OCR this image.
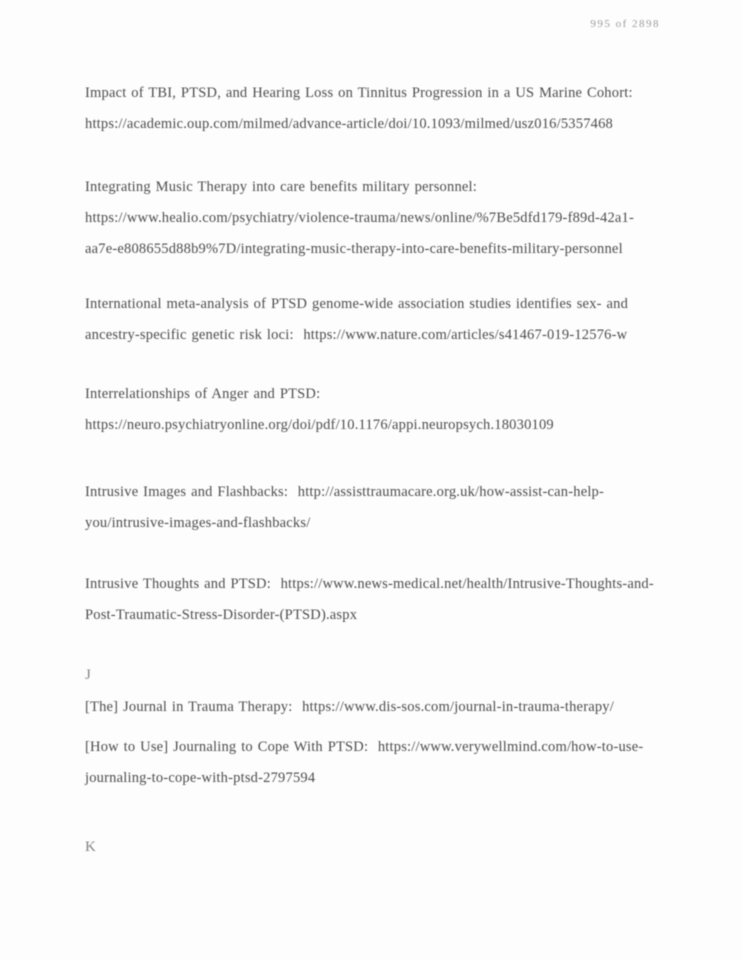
995 of 2898

Impact of TBI, PTSD, and Hearing Loss on Tinnitus Progression in a US Marine Cohort:  https://academic.oup.com/milmed/advance-article/doi/10.1093/milmed/usz016/5357468

Integrating Music Therapy into care benefits military personnel:  https://www.healio.com/psychiatry/violence-trauma/news/online/%7Be5dfd179-f89d-42a1-aa7e-e808655d88b9%7D/integrating-music-therapy-into-care-benefits-military-personnel

International meta-analysis of PTSD genome-wide association studies identifies sex- and ancestry-specific genetic risk loci:  https://www.nature.com/articles/s41467-019-12576-w

Interrelationships of Anger and PTSD:  https://neuro.psychiatryonline.org/doi/pdf/10.1176/appi.neuropsych.18030109

Intrusive Images and Flashbacks:  http://assisttraumacare.org.uk/how-assist-can-help-you/intrusive-images-and-flashbacks/

Intrusive Thoughts and PTSD:  https://www.news-medical.net/health/Intrusive-Thoughts-and-Post-Traumatic-Stress-Disorder-(PTSD).aspx

J

[The] Journal in Trauma Therapy:  https://www.dis-sos.com/journal-in-trauma-therapy/

[How to Use] Journaling to Cope With PTSD:  https://www.verywellmind.com/how-to-use-journaling-to-cope-with-ptsd-2797594

K
